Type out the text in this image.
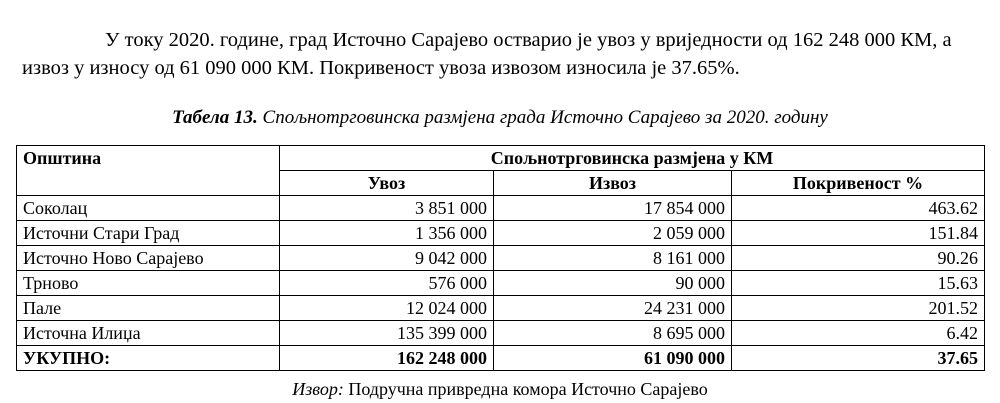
У току 2020. године, град Источно Сарајево остварио је увоз у вриједности од 162 248 000 КМ, а извоз у износу од 61 090 000 КМ. Покривеност увоза извозом износила је 37.65%.

Табела 13. Спољнотрговинска размјена града Источно Сарајево за 2020. годину
Општина	Спољнотрговинска размјена у КМ		
	Увоз	Извоз	Покривеност %
Соколац	3 851 000	17 854 000	463.62
Источни Стари Град	1 356 000	2 059 000	151.84
Источно Ново Сарајево	9 042 000	8 161 000	90.26
Трново	576 000	90 000	15.63
Пале	12 024 000	24 231 000	201.52
Источна Илиџа	135 399 000	8 695 000	6.42
УКУПНО:	162 248 000	61 090 000	37.65
Извор: Подручна привредна комора Источно Сарајево
